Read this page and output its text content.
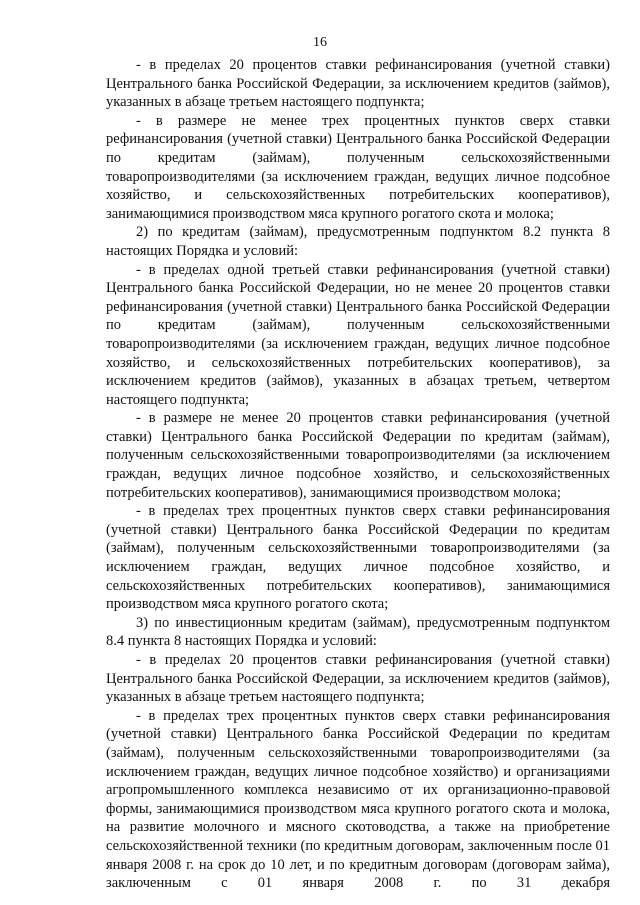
16

- в пределах 20 процентов ставки рефинансирования (учетной ставки) Центрального банка Российской Федерации, за исключением кредитов (займов), указанных в абзаце третьем настоящего подпункта;

- в размере не менее трех процентных пунктов сверх ставки рефинансирования (учетной ставки) Центрального банка Российской Федерации по кредитам (займам), полученным сельскохозяйственными товаропроизводителями (за исключением граждан, ведущих личное подсобное хозяйство, и сельскохозяйственных потребительских кооперативов), занимающимися производством мяса крупного рогатого скота и молока;

2) по кредитам (займам), предусмотренным подпунктом 8.2 пункта 8 настоящих Порядка и условий:

- в пределах одной третьей ставки рефинансирования (учетной ставки) Центрального банка Российской Федерации, но не менее 20 процентов ставки рефинансирования (учетной ставки) Центрального банка Российской Федерации по кредитам (займам), полученным сельскохозяйственными товаропроизводителями (за исключением граждан, ведущих личное подсобное хозяйство, и сельскохозяйственных потребительских кооперативов), за исключением кредитов (займов), указанных в абзацах третьем, четвертом настоящего подпункта;

- в размере не менее 20 процентов ставки рефинансирования (учетной ставки) Центрального банка Российской Федерации по кредитам (займам), полученным сельскохозяйственными товаропроизводителями (за исключением граждан, ведущих личное подсобное хозяйство, и сельскохозяйственных потребительских кооперативов), занимающимися производством молока;

- в пределах трех процентных пунктов сверх ставки рефинансирования (учетной ставки) Центрального банка Российской Федерации по кредитам (займам), полученным сельскохозяйственными товаропроизводителями (за исключением граждан, ведущих личное подсобное хозяйство, и сельскохозяйственных потребительских кооперативов), занимающимися производством мяса крупного рогатого скота;

3) по инвестиционным кредитам (займам), предусмотренным подпунктом 8.4 пункта 8 настоящих Порядка и условий:

- в пределах 20 процентов ставки рефинансирования (учетной ставки) Центрального банка Российской Федерации, за исключением кредитов (займов), указанных в абзаце третьем настоящего подпункта;

- в пределах трех процентных пунктов сверх ставки рефинансирования (учетной ставки) Центрального банка Российской Федерации по кредитам (займам), полученным сельскохозяйственными товаропроизводителями (за исключением граждан, ведущих личное подсобное хозяйство) и организациями агропромышленного комплекса независимо от их организационно-правовой формы, занимающимися производством мяса крупного рогатого скота и молока, на развитие молочного и мясного скотоводства, а также на приобретение сельскохозяйственной техники (по кредитным договорам, заключенным после 01 января 2008 г. на срок до 10 лет, и по кредитным договорам (договорам займа), заключенным с 01 января 2008 г. по 31 декабря
